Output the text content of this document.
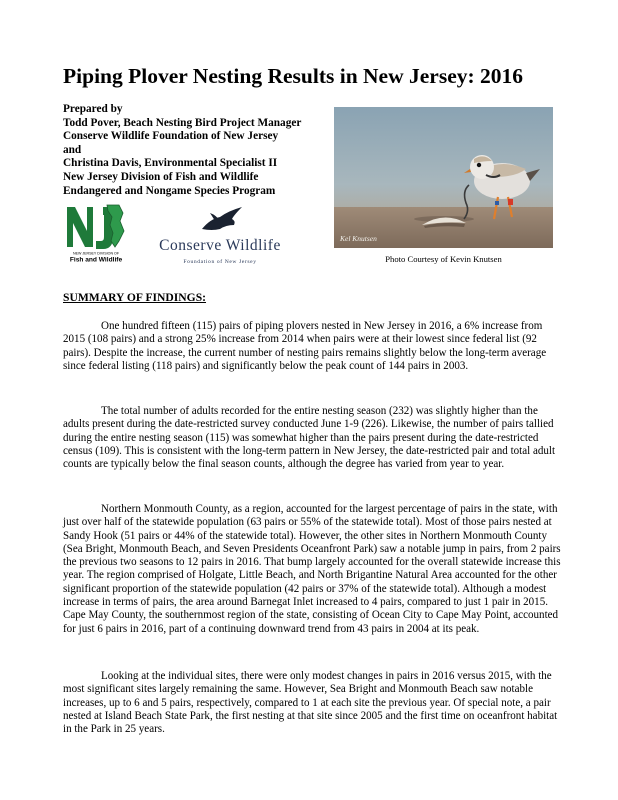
Piping Plover Nesting Results in New Jersey: 2016
Prepared by
Todd Pover, Beach Nesting Bird Project Manager
Conserve Wildlife Foundation of New Jersey
and
Christina Davis, Environmental Specialist II
New Jersey Division of Fish and Wildlife
Endangered and Nongame Species Program
NEW JERSEY DIVISION OF
Fish and Wildlife
Conserve Wildlife
Foundation of New Jersey
Kel Knutsen
Photo Courtesy of Kevin Knutsen
SUMMARY OF FINDINGS:
One hundred fifteen (115) pairs of piping plovers nested in New Jersey in 2016, a 6% increase from 2015 (108 pairs) and a strong 25% increase from 2014 when pairs were at their lowest since federal list (92 pairs). Despite the increase, the current number of nesting pairs remains slightly below the long-term average since federal listing (118 pairs) and significantly below the peak count of 144 pairs in 2003.
The total number of adults recorded for the entire nesting season (232) was slightly higher than the adults present during the date-restricted survey conducted June 1-9 (226). Likewise, the number of pairs tallied during the entire nesting season (115) was somewhat higher than the pairs present during the date-restricted census (109). This is consistent with the long-term pattern in New Jersey, the date-restricted pair and total adult counts are typically below the final season counts, although the degree has varied from year to year.
Northern Monmouth County, as a region, accounted for the largest percentage of pairs in the state, with just over half of the statewide population (63 pairs or 55% of the statewide total). Most of those pairs nested at Sandy Hook (51 pairs or 44% of the statewide total). However, the other sites in Northern Monmouth County (Sea Bright, Monmouth Beach, and Seven Presidents Oceanfront Park) saw a notable jump in pairs, from 2 pairs the previous two seasons to 12 pairs in 2016. That bump largely accounted for the overall statewide increase this year. The region comprised of Holgate, Little Beach, and North Brigantine Natural Area accounted for the other significant proportion of the statewide population (42 pairs or 37% of the statewide total). Although a modest increase in terms of pairs, the area around Barnegat Inlet increased to 4 pairs, compared to just 1 pair in 2015. Cape May County, the southernmost region of the state, consisting of Ocean City to Cape May Point, accounted for just 6 pairs in 2016, part of a continuing downward trend from 43 pairs in 2004 at its peak.
Looking at the individual sites, there were only modest changes in pairs in 2016 versus 2015, with the most significant sites largely remaining the same. However, Sea Bright and Monmouth Beach saw notable increases, up to 6 and 5 pairs, respectively, compared to 1 at each site the previous year. Of special note, a pair nested at Island Beach State Park, the first nesting at that site since 2005 and the first time on oceanfront habitat in the Park in 25 years.
